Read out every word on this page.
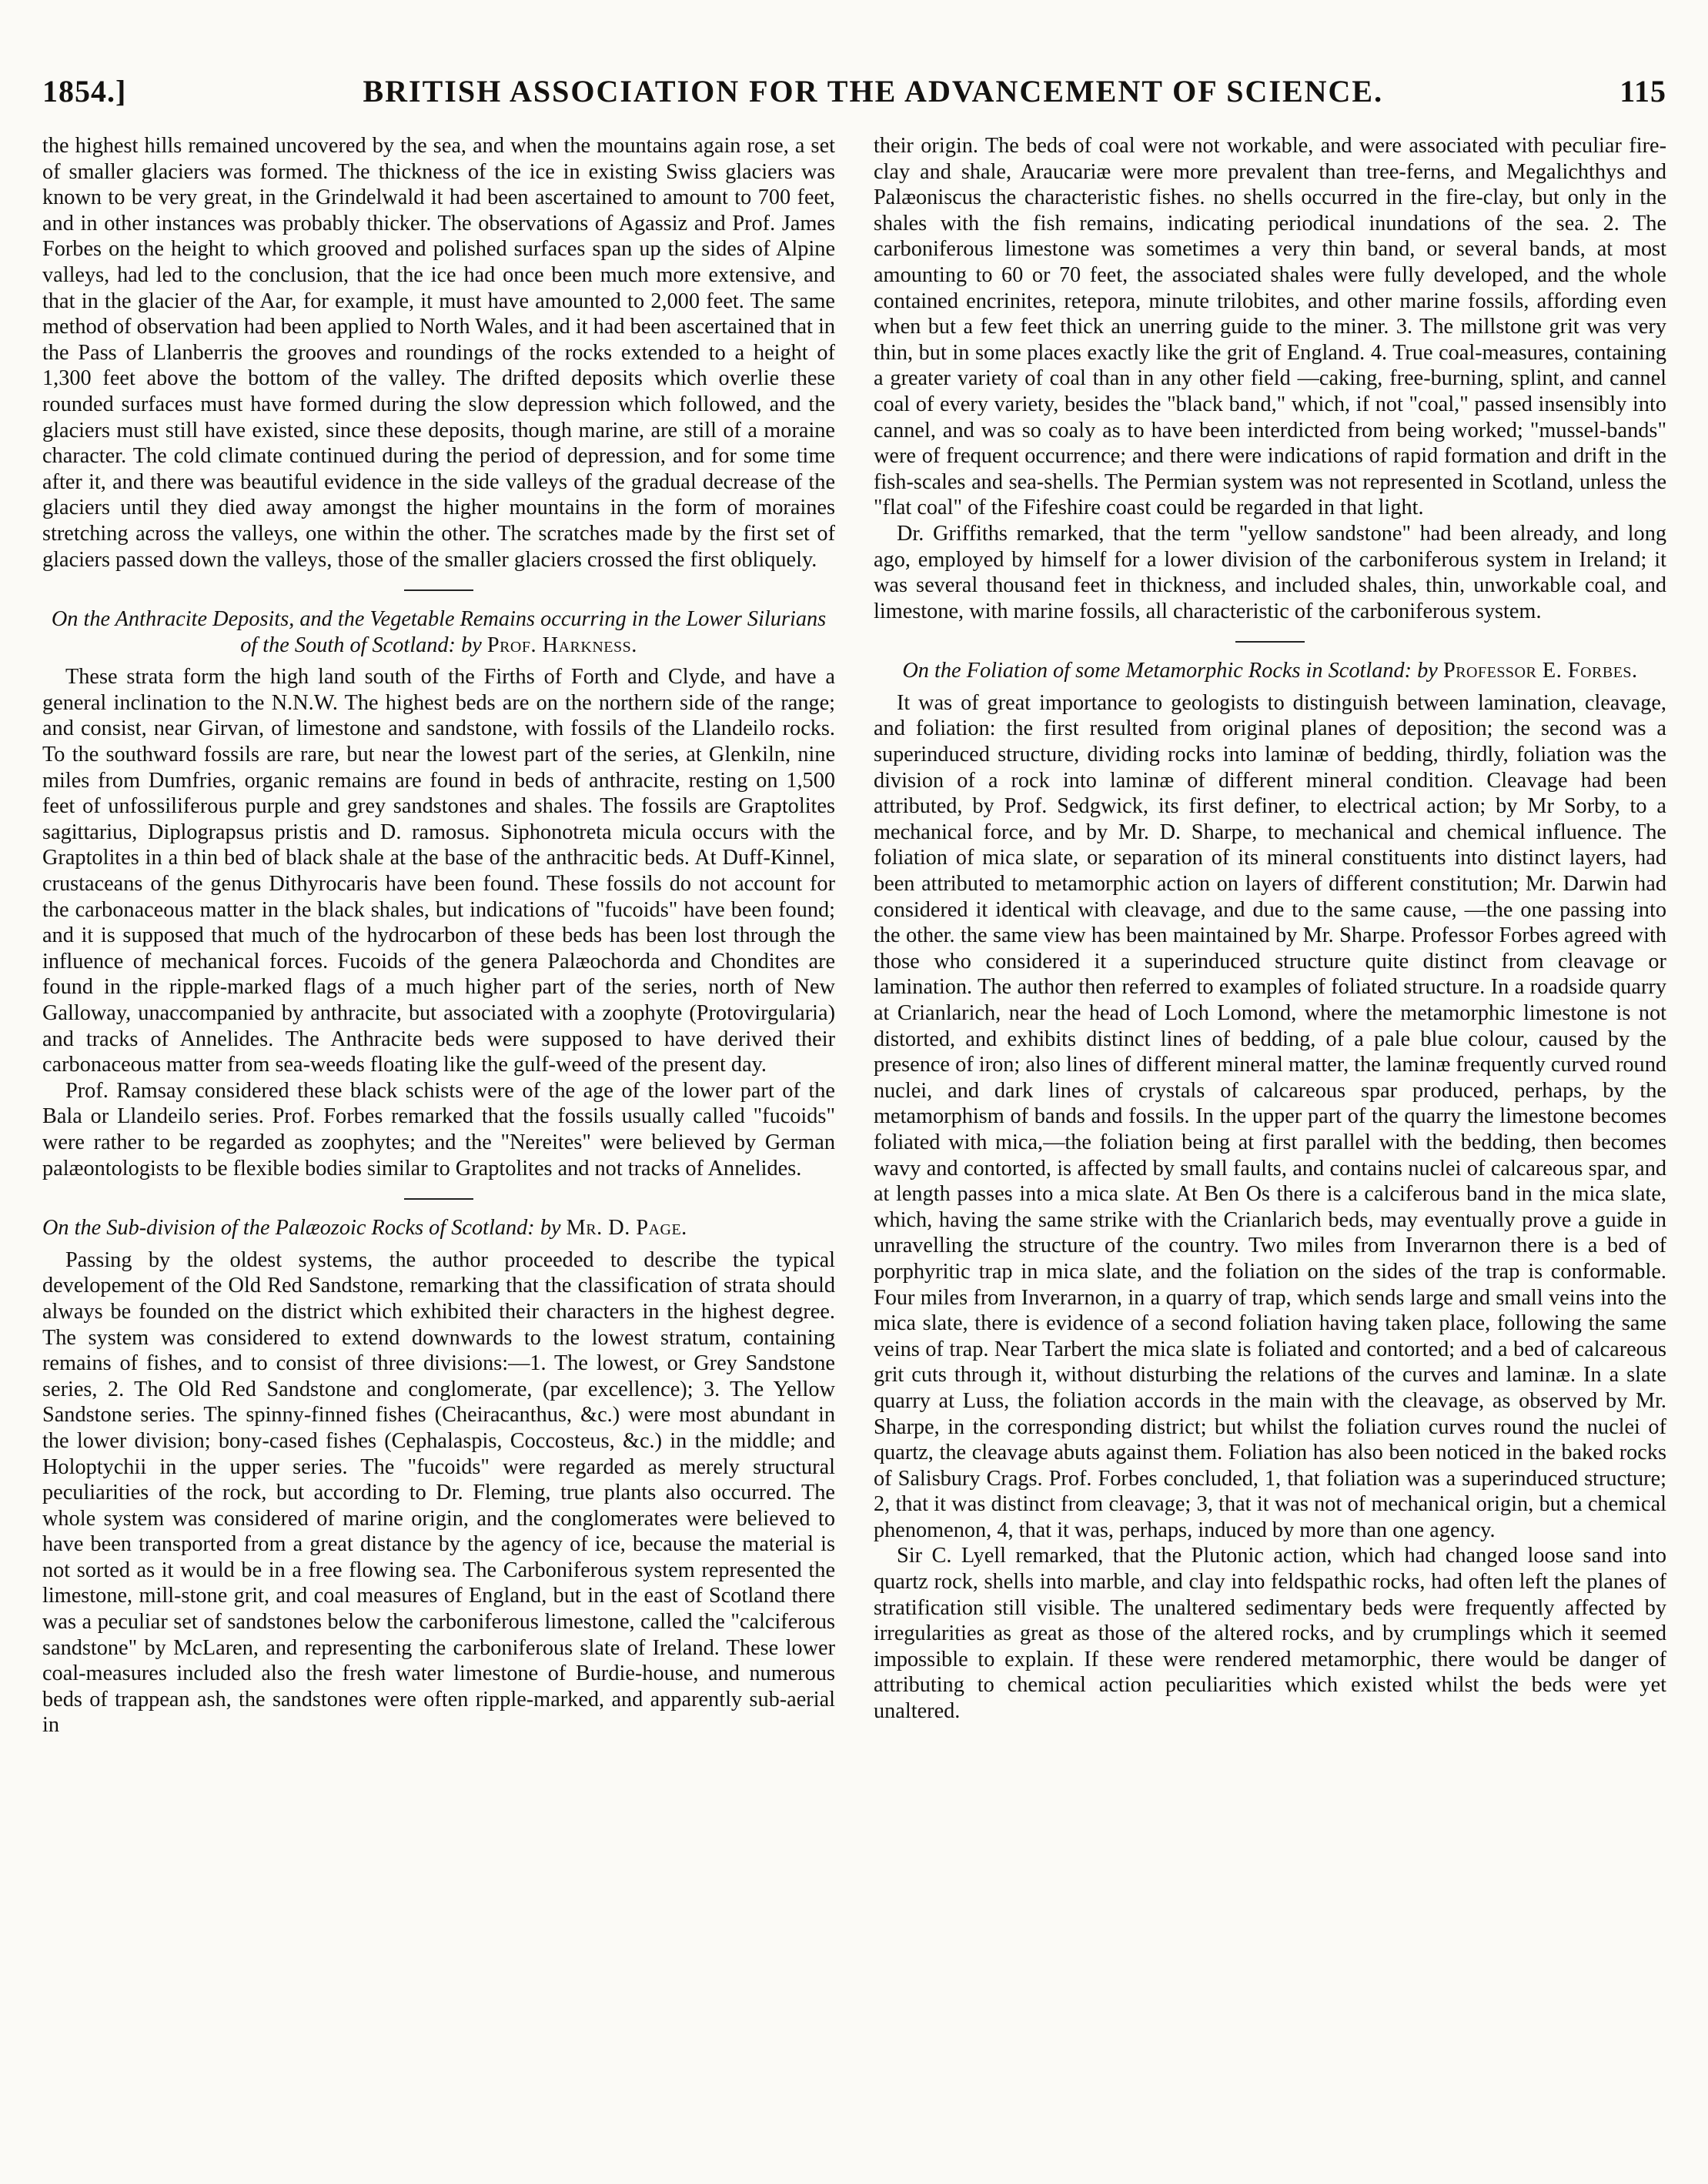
1854.]	BRITISH ASSOCIATION FOR THE ADVANCEMENT OF SCIENCE.	115

the highest hills remained uncovered by the sea, and when the mountains again rose, a set of smaller glaciers was formed. The thickness of the ice in existing Swiss glaciers was known to be very great, in the Grindelwald it had been ascertained to amount to 700 feet, and in other instances was probably thicker. The observations of Agassiz and Prof. James Forbes on the height to which grooved and polished surfaces span up the sides of Alpine valleys, had led to the conclusion, that the ice had once been much more extensive, and that in the glacier of the Aar, for example, it must have amounted to 2,000 feet. The same method of observation had been applied to North Wales, and it had been ascertained that in the Pass of Llanberris the grooves and roundings of the rocks extended to a height of 1,300 feet above the bottom of the valley. The drifted deposits which overlie these rounded surfaces must have formed during the slow depression which followed, and the glaciers must still have existed, since these deposits, though marine, are still of a moraine character. The cold climate continued during the period of depression, and for some time after it, and there was beautiful evidence in the side valleys of the gradual decrease of the glaciers until they died away amongst the higher mountains in the form of moraines stretching across the valleys, one within the other. The scratches made by the first set of glaciers passed down the valleys, those of the smaller glaciers crossed the first obliquely.

On the Anthracite Deposits, and the Vegetable Remains occurring in the Lower Silurians of the South of Scotland: by Prof. Harkness.

These strata form the high land south of the Firths of Forth and Clyde, and have a general inclination to the N.N.W. The highest beds are on the northern side of the range; and consist, near Girvan, of limestone and sandstone, with fossils of the Llandeilo rocks. To the southward fossils are rare, but near the lowest part of the series, at Glenkiln, nine miles from Dumfries, organic remains are found in beds of anthracite, resting on 1,500 feet of unfossiliferous purple and grey sandstones and shales. The fossils are Graptolites sagittarius, Diplograpsus pristis and D. ramosus. Siphonotreta micula occurs with the Graptolites in a thin bed of black shale at the base of the anthracitic beds. At Duff-Kinnel, crustaceans of the genus Dithyrocaris have been found. These fossils do not account for the carbonaceous matter in the black shales, but indications of "fucoids" have been found; and it is supposed that much of the hydrocarbon of these beds has been lost through the influence of mechanical forces. Fucoids of the genera Palæochorda and Chondites are found in the ripple-marked flags of a much higher part of the series, north of New Galloway, unaccompanied by anthracite, but associated with a zoophyte (Protovirgularia) and tracks of Annelides. The Anthracite beds were supposed to have derived their carbonaceous matter from sea-weeds floating like the gulf-weed of the present day.

Prof. Ramsay considered these black schists were of the age of the lower part of the Bala or Llandeilo series. Prof. Forbes remarked that the fossils usually called "fucoids" were rather to be regarded as zoophytes; and the "Nereites" were believed by German palæontologists to be flexible bodies similar to Graptolites and not tracks of Annelides.

On the Sub-division of the Palæozoic Rocks of Scotland: by Mr. D. Page.

Passing by the oldest systems, the author proceeded to describe the typical developement of the Old Red Sandstone, remarking that the classification of strata should always be founded on the district which exhibited their characters in the highest degree. The system was considered to extend downwards to the lowest stratum, containing remains of fishes, and to consist of three divisions:—1. The lowest, or Grey Sandstone series, 2. The Old Red Sandstone and conglomerate, (par excellence); 3. The Yellow Sandstone series. The spinny-finned fishes (Cheiracanthus, &c.) were most abundant in the lower division; bony-cased fishes (Cephalaspis, Coccosteus, &c.) in the middle; and Holoptychii in the upper series. The "fucoids" were regarded as merely structural peculiarities of the rock, but according to Dr. Fleming, true plants also occurred. The whole system was considered of marine origin, and the conglomerates were believed to have been transported from a great distance by the agency of ice, because the material is not sorted as it would be in a free flowing sea. The Carboniferous system represented the limestone, mill-stone grit, and coal measures of England, but in the east of Scotland there was a peculiar set of sandstones below the carboniferous limestone, called the "calciferous sandstone" by McLaren, and representing the carboniferous slate of Ireland. These lower coal-measures included also the fresh water limestone of Burdie-house, and numerous beds of trappean ash, the sandstones were often ripple-marked, and apparently sub-aerial in

their origin. The beds of coal were not workable, and were associated with peculiar fire-clay and shale, Araucariæ were more prevalent than tree-ferns, and Megalichthys and Palæoniscus the characteristic fishes. no shells occurred in the fire-clay, but only in the shales with the fish remains, indicating periodical inundations of the sea. 2. The carboniferous limestone was sometimes a very thin band, or several bands, at most amounting to 60 or 70 feet, the associated shales were fully developed, and the whole contained encrinites, retepora, minute trilobites, and other marine fossils, affording even when but a few feet thick an unerring guide to the miner. 3. The millstone grit was very thin, but in some places exactly like the grit of England. 4. True coal-measures, containing a greater variety of coal than in any other field —caking, free-burning, splint, and cannel coal of every variety, besides the "black band," which, if not "coal," passed insensibly into cannel, and was so coaly as to have been interdicted from being worked; "mussel-bands" were of frequent occurrence; and there were indications of rapid formation and drift in the fish-scales and sea-shells. The Permian system was not represented in Scotland, unless the "flat coal" of the Fifeshire coast could be regarded in that light.

Dr. Griffiths remarked, that the term "yellow sandstone" had been already, and long ago, employed by himself for a lower division of the carboniferous system in Ireland; it was several thousand feet in thickness, and included shales, thin, unworkable coal, and limestone, with marine fossils, all characteristic of the carboniferous system.

On the Foliation of some Metamorphic Rocks in Scotland: by Professor E. Forbes.

It was of great importance to geologists to distinguish between lamination, cleavage, and foliation: the first resulted from original planes of deposition; the second was a superinduced structure, dividing rocks into laminæ of bedding, thirdly, foliation was the division of a rock into laminæ of different mineral condition. Cleavage had been attributed, by Prof. Sedgwick, its first definer, to electrical action; by Mr Sorby, to a mechanical force, and by Mr. D. Sharpe, to mechanical and chemical influence. The foliation of mica slate, or separation of its mineral constituents into distinct layers, had been attributed to metamorphic action on layers of different constitution; Mr. Darwin had considered it identical with cleavage, and due to the same cause, —the one passing into the other. the same view has been maintained by Mr. Sharpe. Professor Forbes agreed with those who considered it a superinduced structure quite distinct from cleavage or lamination. The author then referred to examples of foliated structure. In a roadside quarry at Crianlarich, near the head of Loch Lomond, where the metamorphic limestone is not distorted, and exhibits distinct lines of bedding, of a pale blue colour, caused by the presence of iron; also lines of different mineral matter, the laminæ frequently curved round nuclei, and dark lines of crystals of calcareous spar produced, perhaps, by the metamorphism of bands and fossils. In the upper part of the quarry the limestone becomes foliated with mica,—the foliation being at first parallel with the bedding, then becomes wavy and contorted, is affected by small faults, and contains nuclei of calcareous spar, and at length passes into a mica slate. At Ben Os there is a calciferous band in the mica slate, which, having the same strike with the Crianlarich beds, may eventually prove a guide in unravelling the structure of the country. Two miles from Inverarnon there is a bed of porphyritic trap in mica slate, and the foliation on the sides of the trap is conformable. Four miles from Inverarnon, in a quarry of trap, which sends large and small veins into the mica slate, there is evidence of a second foliation having taken place, following the same veins of trap. Near Tarbert the mica slate is foliated and contorted; and a bed of calcareous grit cuts through it, without disturbing the relations of the curves and laminæ. In a slate quarry at Luss, the foliation accords in the main with the cleavage, as observed by Mr. Sharpe, in the corresponding district; but whilst the foliation curves round the nuclei of quartz, the cleavage abuts against them. Foliation has also been noticed in the baked rocks of Salisbury Crags. Prof. Forbes concluded, 1, that foliation was a superinduced structure; 2, that it was distinct from cleavage; 3, that it was not of mechanical origin, but a chemical phenomenon, 4, that it was, perhaps, induced by more than one agency.

Sir C. Lyell remarked, that the Plutonic action, which had changed loose sand into quartz rock, shells into marble, and clay into feldspathic rocks, had often left the planes of stratification still visible. The unaltered sedimentary beds were frequently affected by irregularities as great as those of the altered rocks, and by crumplings which it seemed impossible to explain. If these were rendered metamorphic, there would be danger of attributing to chemical action peculiarities which existed whilst the beds were yet unaltered.
